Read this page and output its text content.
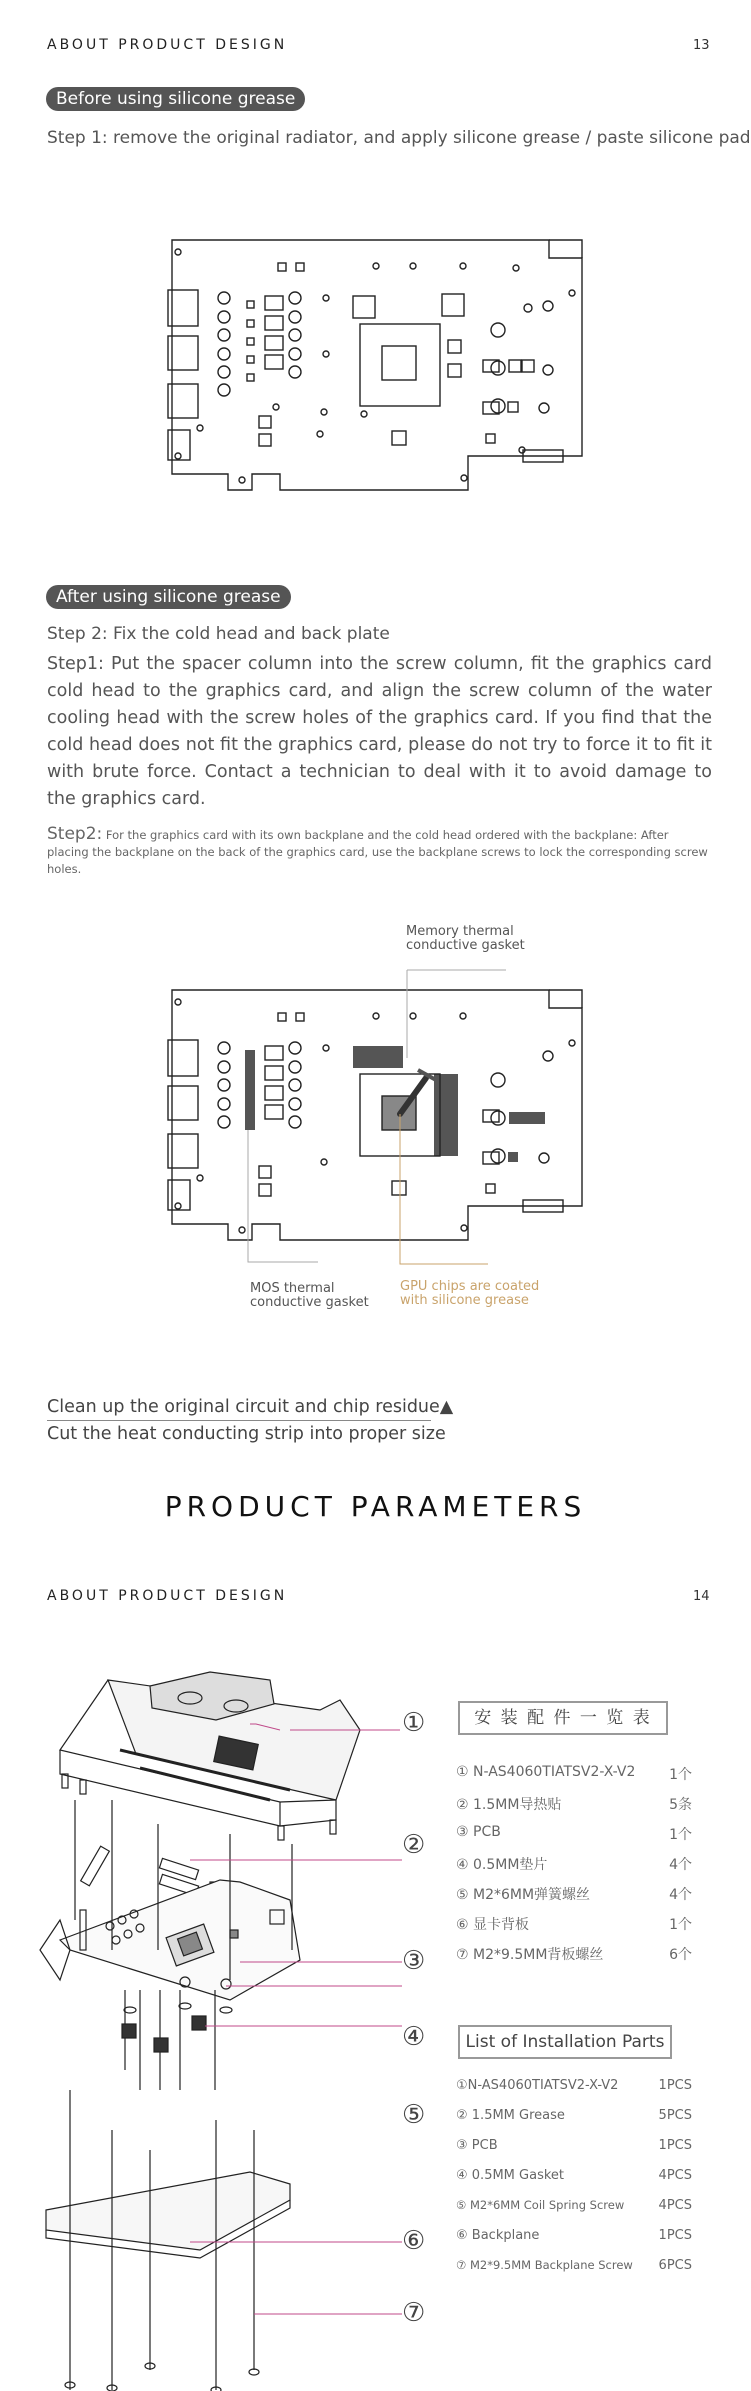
ABOUT PRODUCT DESIGN	13
Before using silicone grease
Step 1: remove the original radiator, and apply silicone grease / paste silicone pad
After using silicone grease
Step 2: Fix the cold head and back plate
Step1: Put the spacer column into the screw column, fit the graphics card cold head to the graphics card, and align the screw column of the water cooling head with the screw holes of the graphics card. If you find that the cold head does not fit the graphics card, please do not try to force it to fit it with brute force. Contact a technician to deal with it to avoid damage to the graphics card.
Step2: For the graphics card with its own backplane and the cold head ordered with the backplane: After placing the backplane on the back of the graphics card, use the backplane screws to lock the corresponding screw holes.
Memory thermal
conductive gasket
MOS thermal
conductive gasket
GPU chips are coated
with silicone grease
Clean up the original circuit and chip residue▲
Cut the heat conducting strip into proper size
PRODUCT PARAMETERS
ABOUT PRODUCT DESIGN	14
①
②
③
④
⑤
⑥
⑦
安 装 配 件 一 览 表
① N-AS4060TIATSV2-X-V2 1个
② 1.5MM导热贴	5条
③ PCB	1个
④ 0.5MM垫片	4个
⑤ M2*6MM弹簧螺丝	4个
⑥ 显卡背板	1个
⑦ M2*9.5MM背板螺丝	6个
List of Installation Parts
①N-AS4060TIATSV2-X-V2	1PCS
② 1.5MM Grease	5PCS
③ PCB	1PCS
④ 0.5MM Gasket	4PCS
⑤ M2*6MM Coil Spring Screw	4PCS
⑥ Backplane	1PCS
⑦ M2*9.5MM Backplane Screw 6PCS
